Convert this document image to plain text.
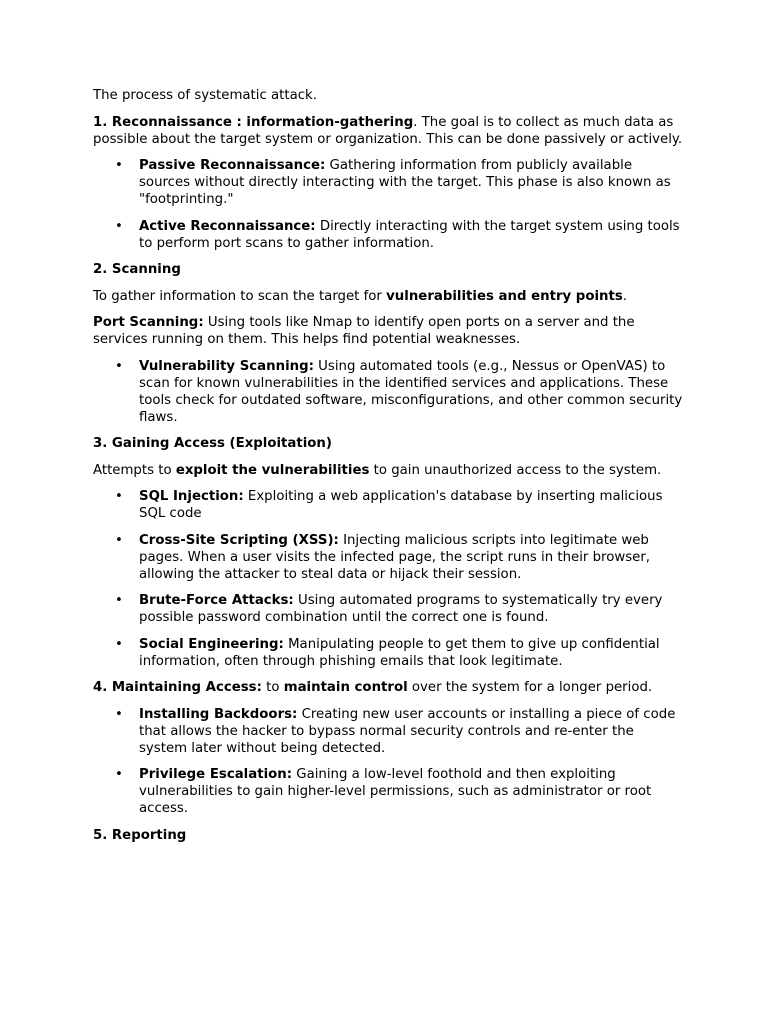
The process of systematic attack.

1. Reconnaissance : information-gathering. The goal is to collect as much data as possible about the target system or organization. This can be done passively or actively.

• Passive Reconnaissance: Gathering information from publicly available sources without directly interacting with the target. This phase is also known as "footprinting."
• Active Reconnaissance: Directly interacting with the target system using tools to perform port scans to gather information.

2. Scanning

To gather information to scan the target for vulnerabilities and entry points.

Port Scanning: Using tools like Nmap to identify open ports on a server and the services running on them. This helps find potential weaknesses.

• Vulnerability Scanning: Using automated tools (e.g., Nessus or OpenVAS) to scan for known vulnerabilities in the identified services and applications. These tools check for outdated software, misconfigurations, and other common security flaws.

3. Gaining Access (Exploitation)

Attempts to exploit the vulnerabilities to gain unauthorized access to the system.

• SQL Injection: Exploiting a web application's database by inserting malicious SQL code
• Cross-Site Scripting (XSS): Injecting malicious scripts into legitimate web pages. When a user visits the infected page, the script runs in their browser, allowing the attacker to steal data or hijack their session.
• Brute-Force Attacks: Using automated programs to systematically try every possible password combination until the correct one is found.
• Social Engineering: Manipulating people to get them to give up confidential information, often through phishing emails that look legitimate.

4. Maintaining Access: to maintain control over the system for a longer period.

• Installing Backdoors: Creating new user accounts or installing a piece of code that allows the hacker to bypass normal security controls and re-enter the system later without being detected.
• Privilege Escalation: Gaining a low-level foothold and then exploiting vulnerabilities to gain higher-level permissions, such as administrator or root access.

5. Reporting
